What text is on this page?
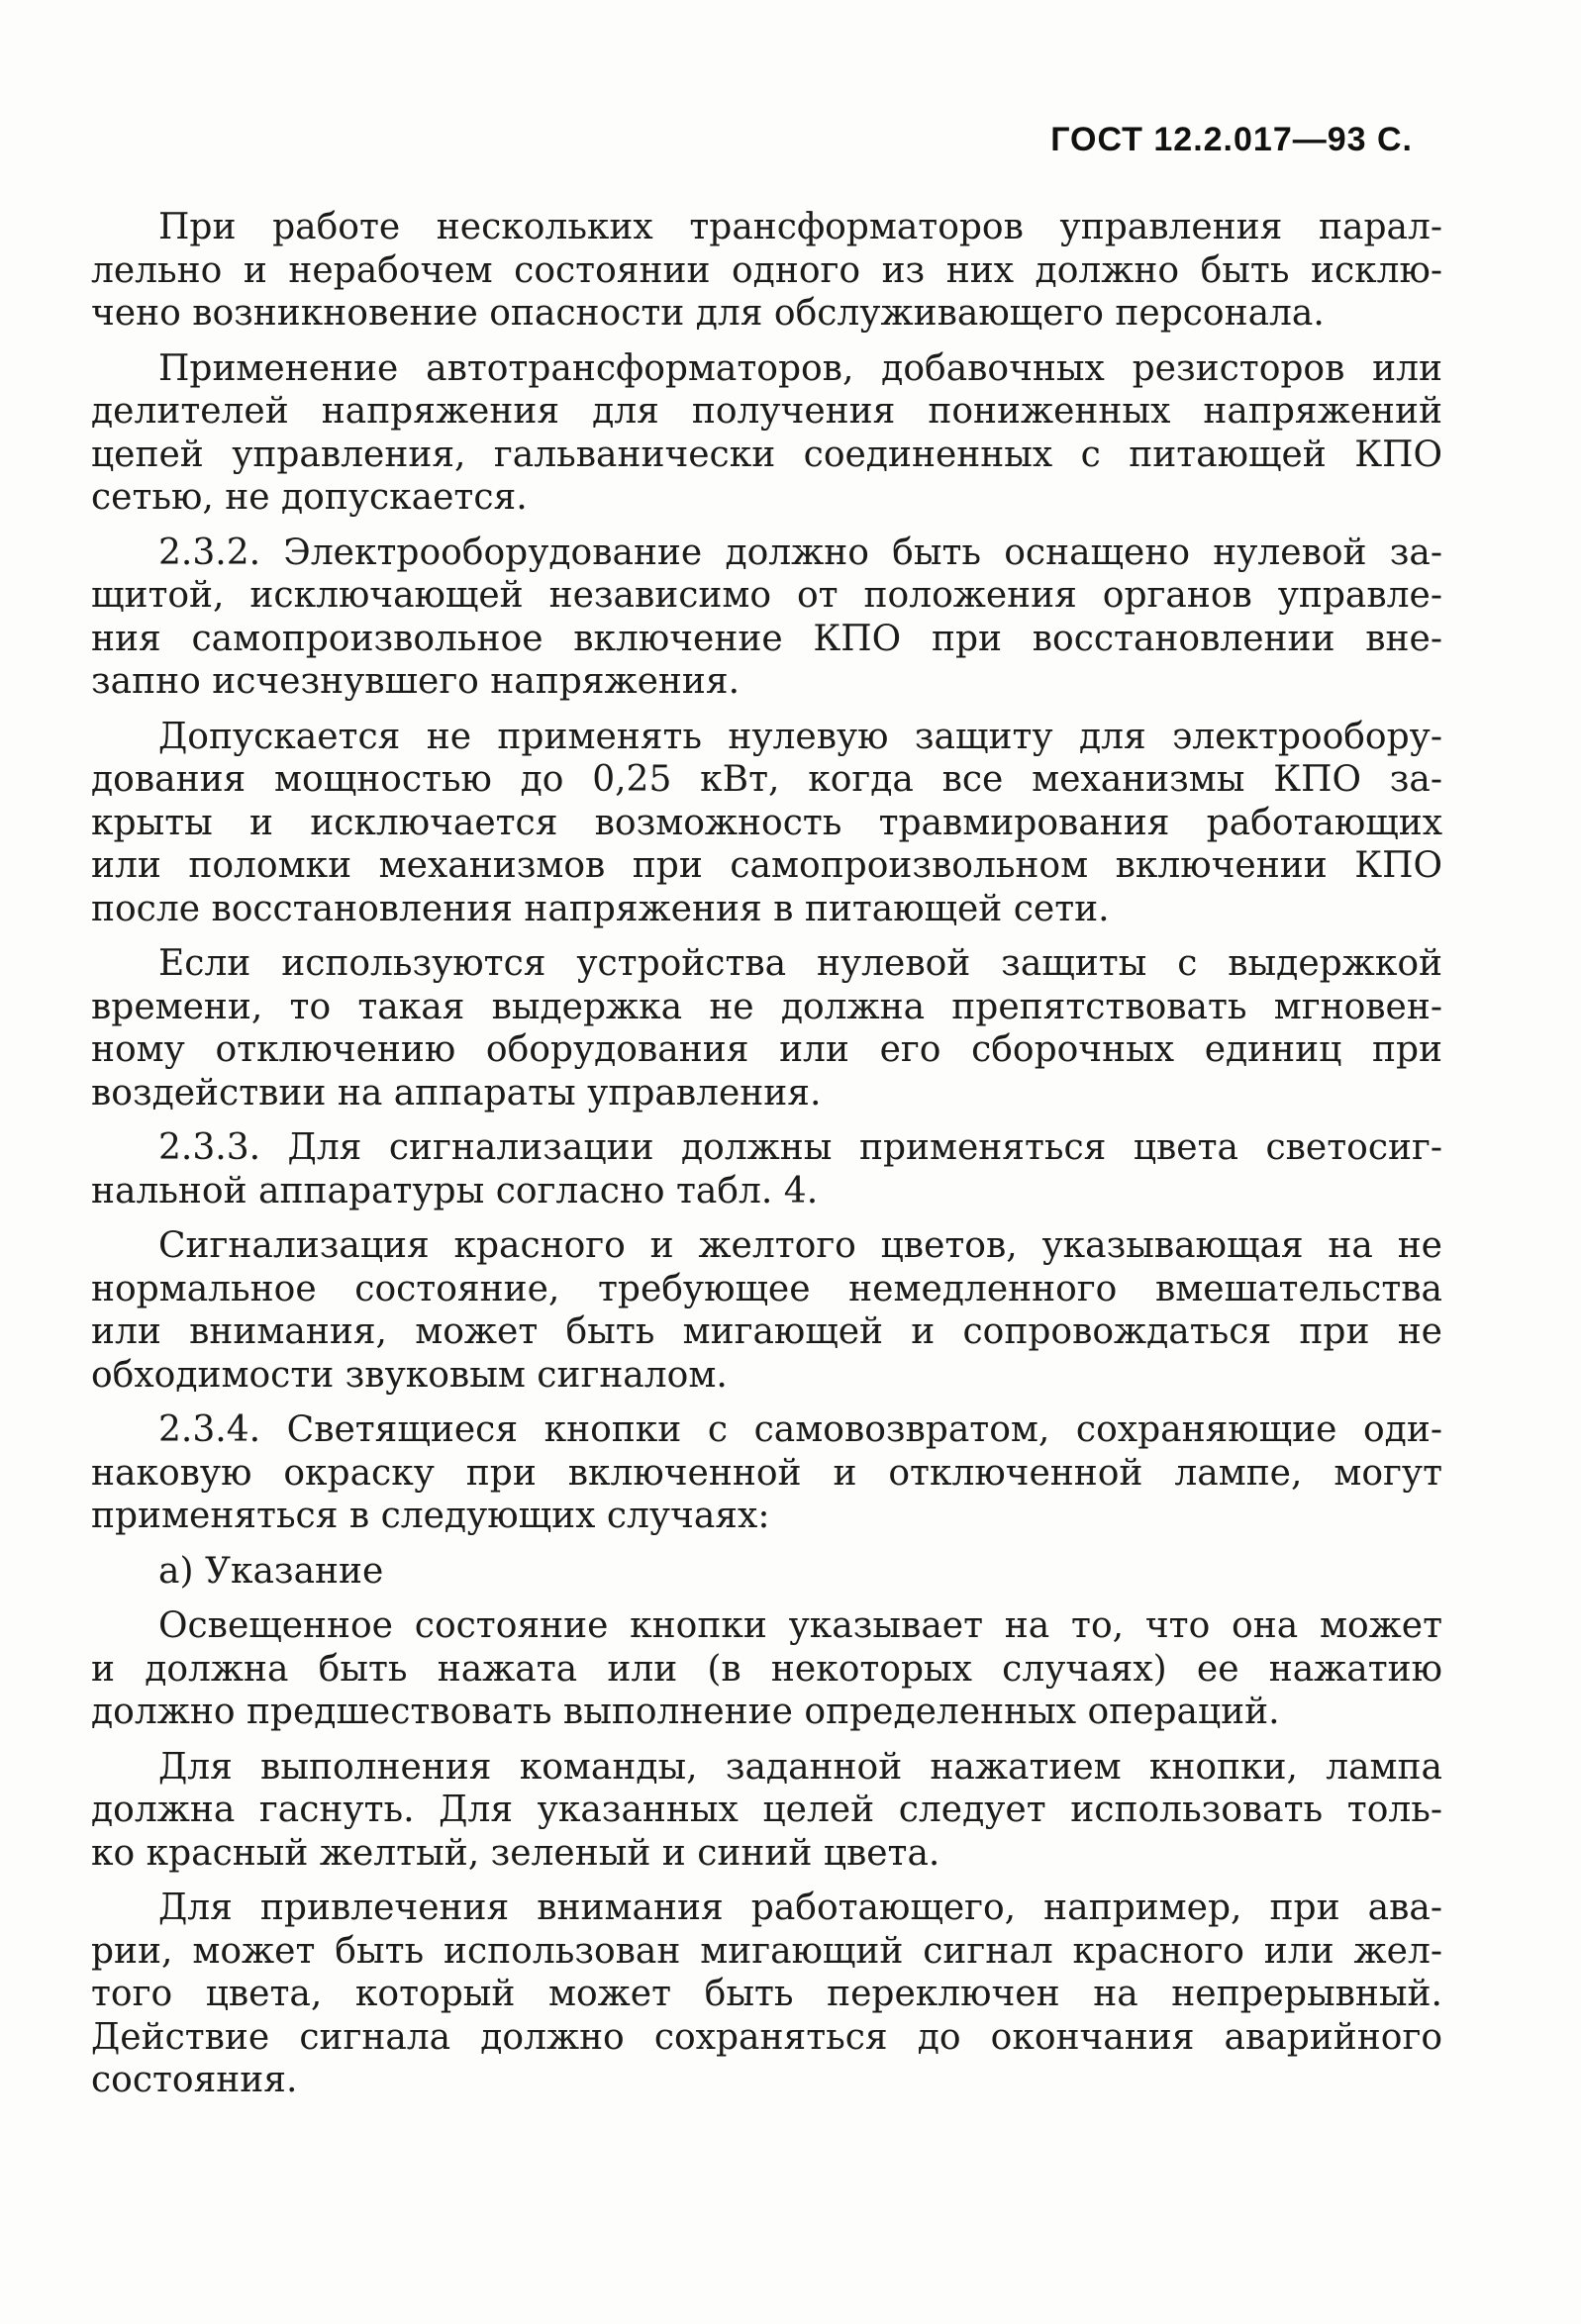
ГОСТ 12.2.017—93 С.
При работе нескольких трансформаторов управления парал-
лельно и нерабочем состоянии одного из них должно быть исклю-
чено возникновение опасности для обслуживающего персонала.
Применение автотрансформаторов, добавочных резисторов или
делителей напряжения для получения пониженных напряжений
цепей управления, гальванически соединенных с питающей КПО
сетью, не допускается.
2.3.2. Электрооборудование должно быть оснащено нулевой за-
щитой, исключающей независимо от положения органов управле-
ния самопроизвольное включение КПО при восстановлении вне-
запно исчезнувшего напряжения.
Допускается не применять нулевую защиту для электрообору-
дования мощностью до 0,25 кВт, когда все механизмы КПО за-
крыты и исключается возможность травмирования работающих
или поломки механизмов при самопроизвольном включении КПО
после восстановления напряжения в питающей сети.
Если используются устройства нулевой защиты с выдержкой
времени, то такая выдержка не должна препятствовать мгновен-
ному отключению оборудования или его сборочных единиц при
воздействии на аппараты управления.
2.3.3. Для сигнализации должны применяться цвета светосиг-
нальной аппаратуры согласно табл. 4.
Сигнализация красного и желтого цветов, указывающая на не
нормальное состояние, требующее немедленного вмешательства
или внимания, может быть мигающей и сопровождаться при не
обходимости звуковым сигналом.
2.3.4. Светящиеся кнопки с самовозвратом, сохраняющие оди-
наковую окраску при включенной и отключенной лампе, могут
применяться в следующих случаях:
а) Указание
Освещенное состояние кнопки указывает на то, что она может
и должна быть нажата или (в некоторых случаях) ее нажатию
должно предшествовать выполнение определенных операций.
Для выполнения команды, заданной нажатием кнопки, лампа
должна гаснуть. Для указанных целей следует использовать толь-
ко красный желтый, зеленый и синий цвета.
Для привлечения внимания работающего, например, при ава-
рии, может быть использован мигающий сигнал красного или жел-
того цвета, который может быть переключен на непрерывный.
Действие сигнала должно сохраняться до окончания аварийного
состояния.
